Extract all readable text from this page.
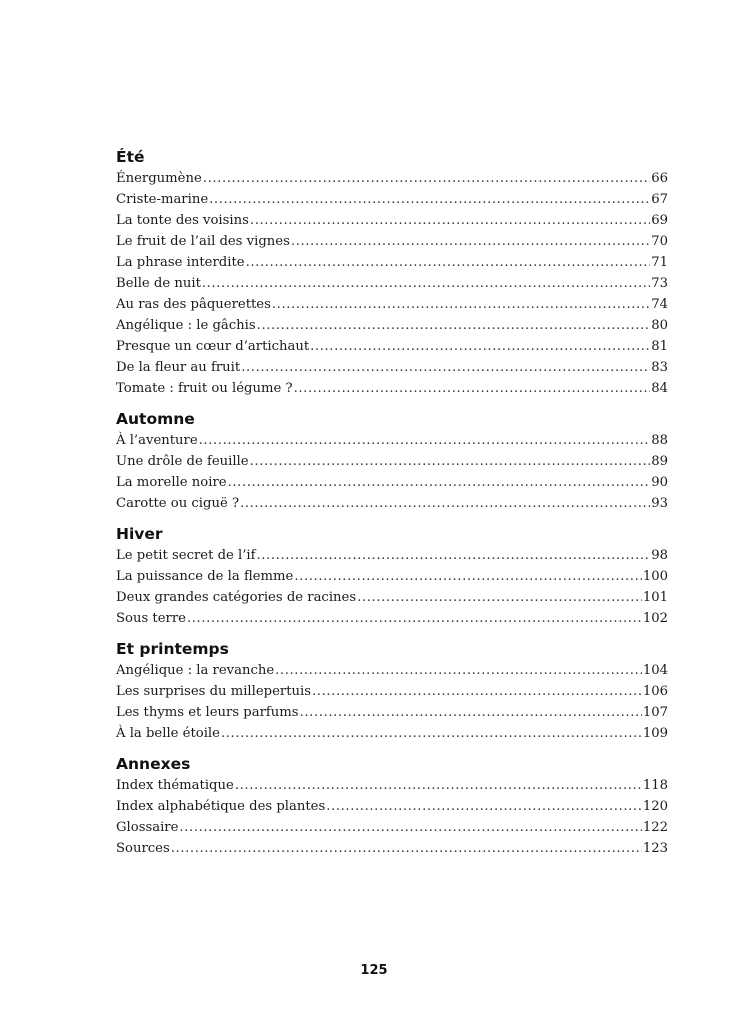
Été
Énergumène .....	66
Criste-marine .....	67
La tonte des voisins .....	69
Le fruit de l’ail des vignes .....	70
La phrase interdite .....	71
Belle de nuit .....	73
Au ras des pâquerettes .....	74
Angélique : le gâchis .....	80
Presque un cœur d’artichaut .....	81
De la fleur au fruit .....	83
Tomate : fruit ou légume ? .....	84
Automne
À l’aventure .....	88
Une drôle de feuille .....	89
La morelle noire .....	90
Carotte ou ciguë ? .....	93
Hiver
Le petit secret de l’if .....	98
La puissance de la flemme .....	100
Deux grandes catégories de racines .....	101
Sous terre .....	102
Et printemps
Angélique : la revanche .....	104
Les surprises du millepertuis .....	106
Les thyms et leurs parfums .....	107
À la belle étoile .....	109
Annexes
Index thématique .....	118
Index alphabétique des plantes .....	120
Glossaire .....	122
Sources .....	123
125
